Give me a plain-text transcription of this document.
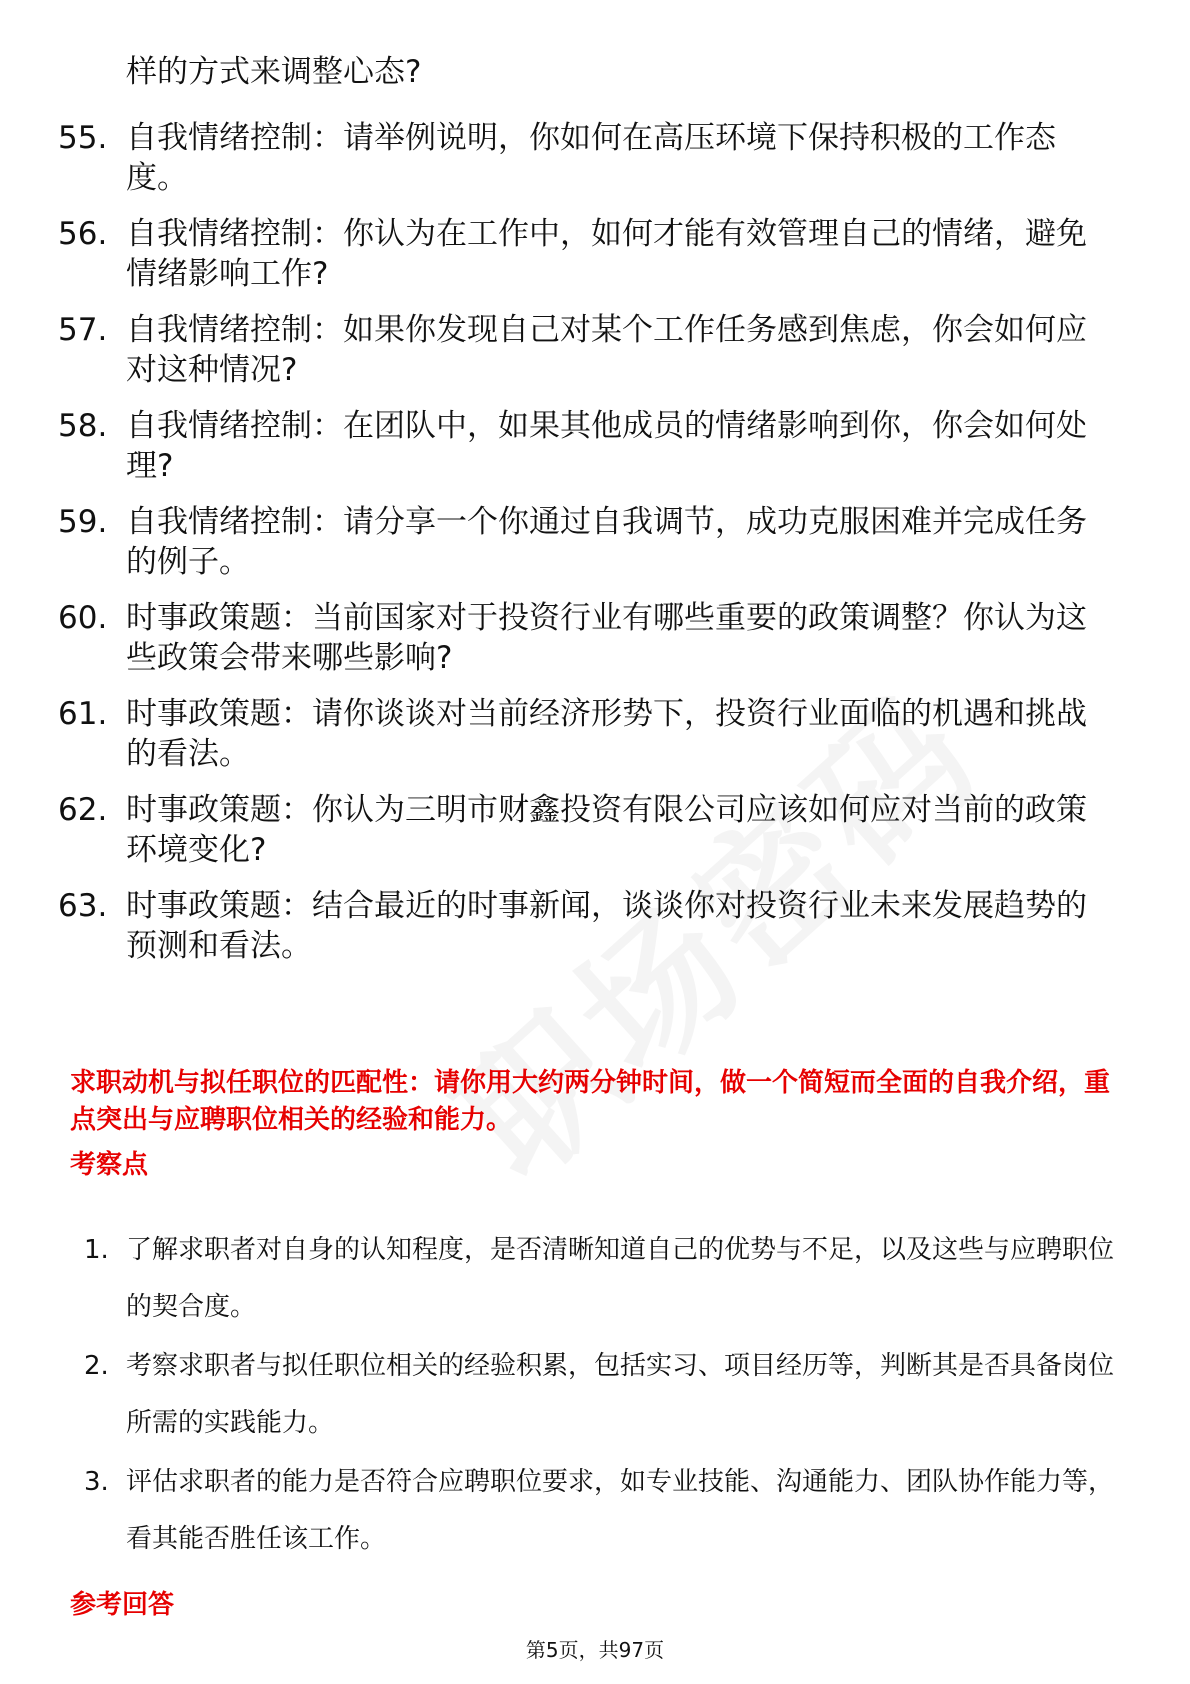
样的方式来调整心态?
55. 自我情绪控制：请举例说明，你如何在高压环境下保持积极的工作态度。
56. 自我情绪控制：你认为在工作中，如何才能有效管理自己的情绪，避免情绪影响工作?
57. 自我情绪控制：如果你发现自己对某个工作任务感到焦虑，你会如何应对这种情况?
58. 自我情绪控制：在团队中，如果其他成员的情绪影响到你，你会如何处理?
59. 自我情绪控制：请分享一个你通过自我调节，成功克服困难并完成任务的例子。
60. 时事政策题：当前国家对于投资行业有哪些重要的政策调整？你认为这些政策会带来哪些影响?
61. 时事政策题：请你谈谈对当前经济形势下，投资行业面临的机遇和挑战的看法。
62. 时事政策题：你认为三明市财鑫投资有限公司应该如何应对当前的政策环境变化?
63. 时事政策题：结合最近的时事新闻，谈谈你对投资行业未来发展趋势的预测和看法。
求职动机与拟任职位的匹配性：请你用大约两分钟时间，做一个简短而全面的自我介绍，重点突出与应聘职位相关的经验和能力。
考察点
1. 了解求职者对自身的认知程度，是否清晰知道自己的优势与不足，以及这些与应聘职位的契合度。
2. 考察求职者与拟任职位相关的经验积累，包括实习、项目经历等，判断其是否具备岗位所需的实践能力。
3. 评估求职者的能力是否符合应聘职位要求，如专业技能、沟通能力、团队协作能力等，看其能否胜任该工作。
参考回答
第5页，共97页
